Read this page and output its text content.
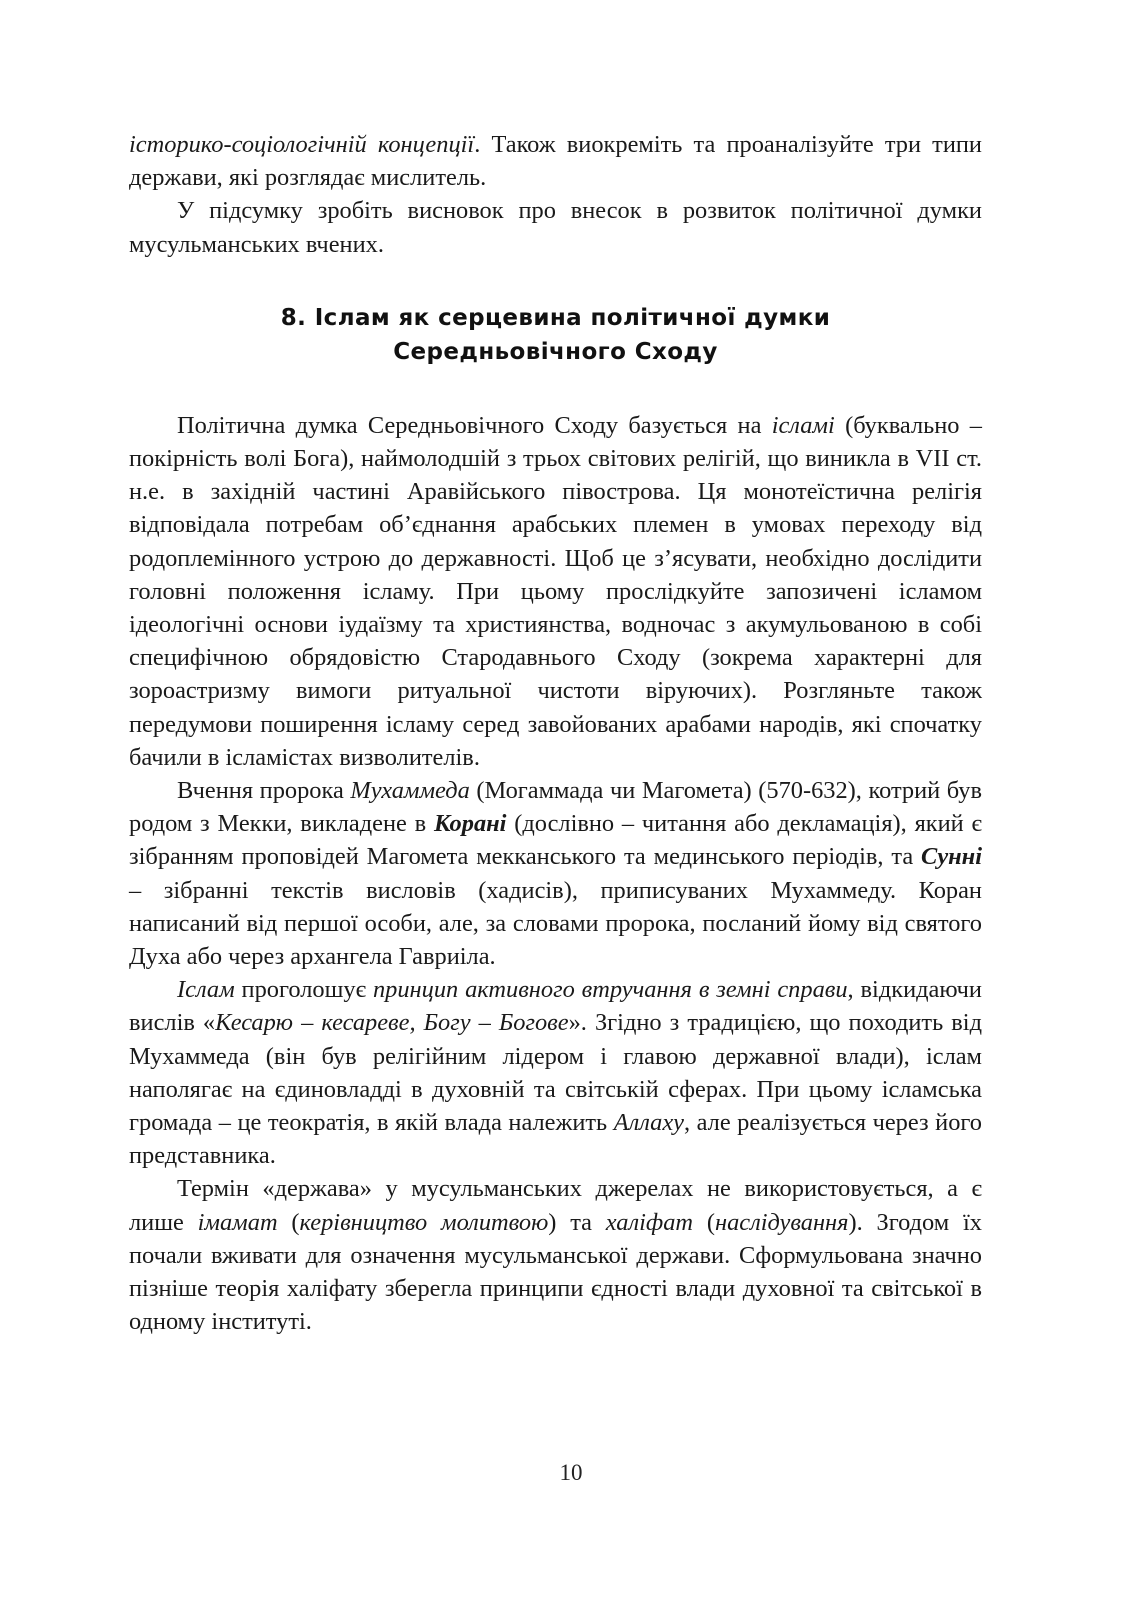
історико-соціологічній концепції. Також виокреміть та проаналізуйте три типи держави, які розглядає мислитель.

У підсумку зробіть висновок про внесок в розвиток політичної думки мусульманських вчених.

8. Іслам як серцевина політичної думки
Середньовічного Сходу

Політична думка Середньовічного Сходу базується на ісламі (буквально – покірність волі Бога), наймолодшій з трьох світових релігій, що виникла в VII ст. н.е. в західній частині Аравійського півострова. Ця монотеїстична релігія відповідала потребам об’єднання арабських племен в умовах переходу від родоплемінного устрою до державності. Щоб це з’ясувати, необхідно дослідити головні положення ісламу. При цьому прослідкуйте запозичені ісламом ідеологічні основи іудаїзму та християнства, водночас з акумульованою в собі специфічною обрядовістю Стародавнього Сходу (зокрема характерні для зороастризму вимоги ритуальної чистоти віруючих). Розгляньте також передумови поширення ісламу серед завойованих арабами народів, які спочатку бачили в ісламістах визволителів.

Вчення пророка Мухаммеда (Могаммада чи Магомета) (570-632), котрий був родом з Мекки, викладене в Корані (дослівно – читання або декламація), який є зібранням проповідей Магомета мекканського та мединського періодів, та Сунні – зібранні текстів висловів (хадисів), приписуваних Мухаммеду. Коран написаний від першої особи, але, за словами пророка, посланий йому від святого Духа або через архангела Гавриіла.

Іслам проголошує принцип активного втручання в земні справи, відкидаючи вислів «Кесарю – кесареве, Богу – Богове». Згідно з традицією, що походить від Мухаммеда (він був релігійним лідером і главою державної влади), іслам наполягає на єдиновладді в духовній та світській сферах. При цьому ісламська громада – це теократія, в якій влада належить Аллаху, але реалізується через його представника.

Термін «держава» у мусульманських джерелах не використовується, а є лише імамат (керівництво молитвою) та халіфат (наслідування). Згодом їх почали вживати для означення мусульманської держави. Сформульована значно пізніше теорія халіфату зберегла принципи єдності влади духовної та світської в одному інституті.

10
